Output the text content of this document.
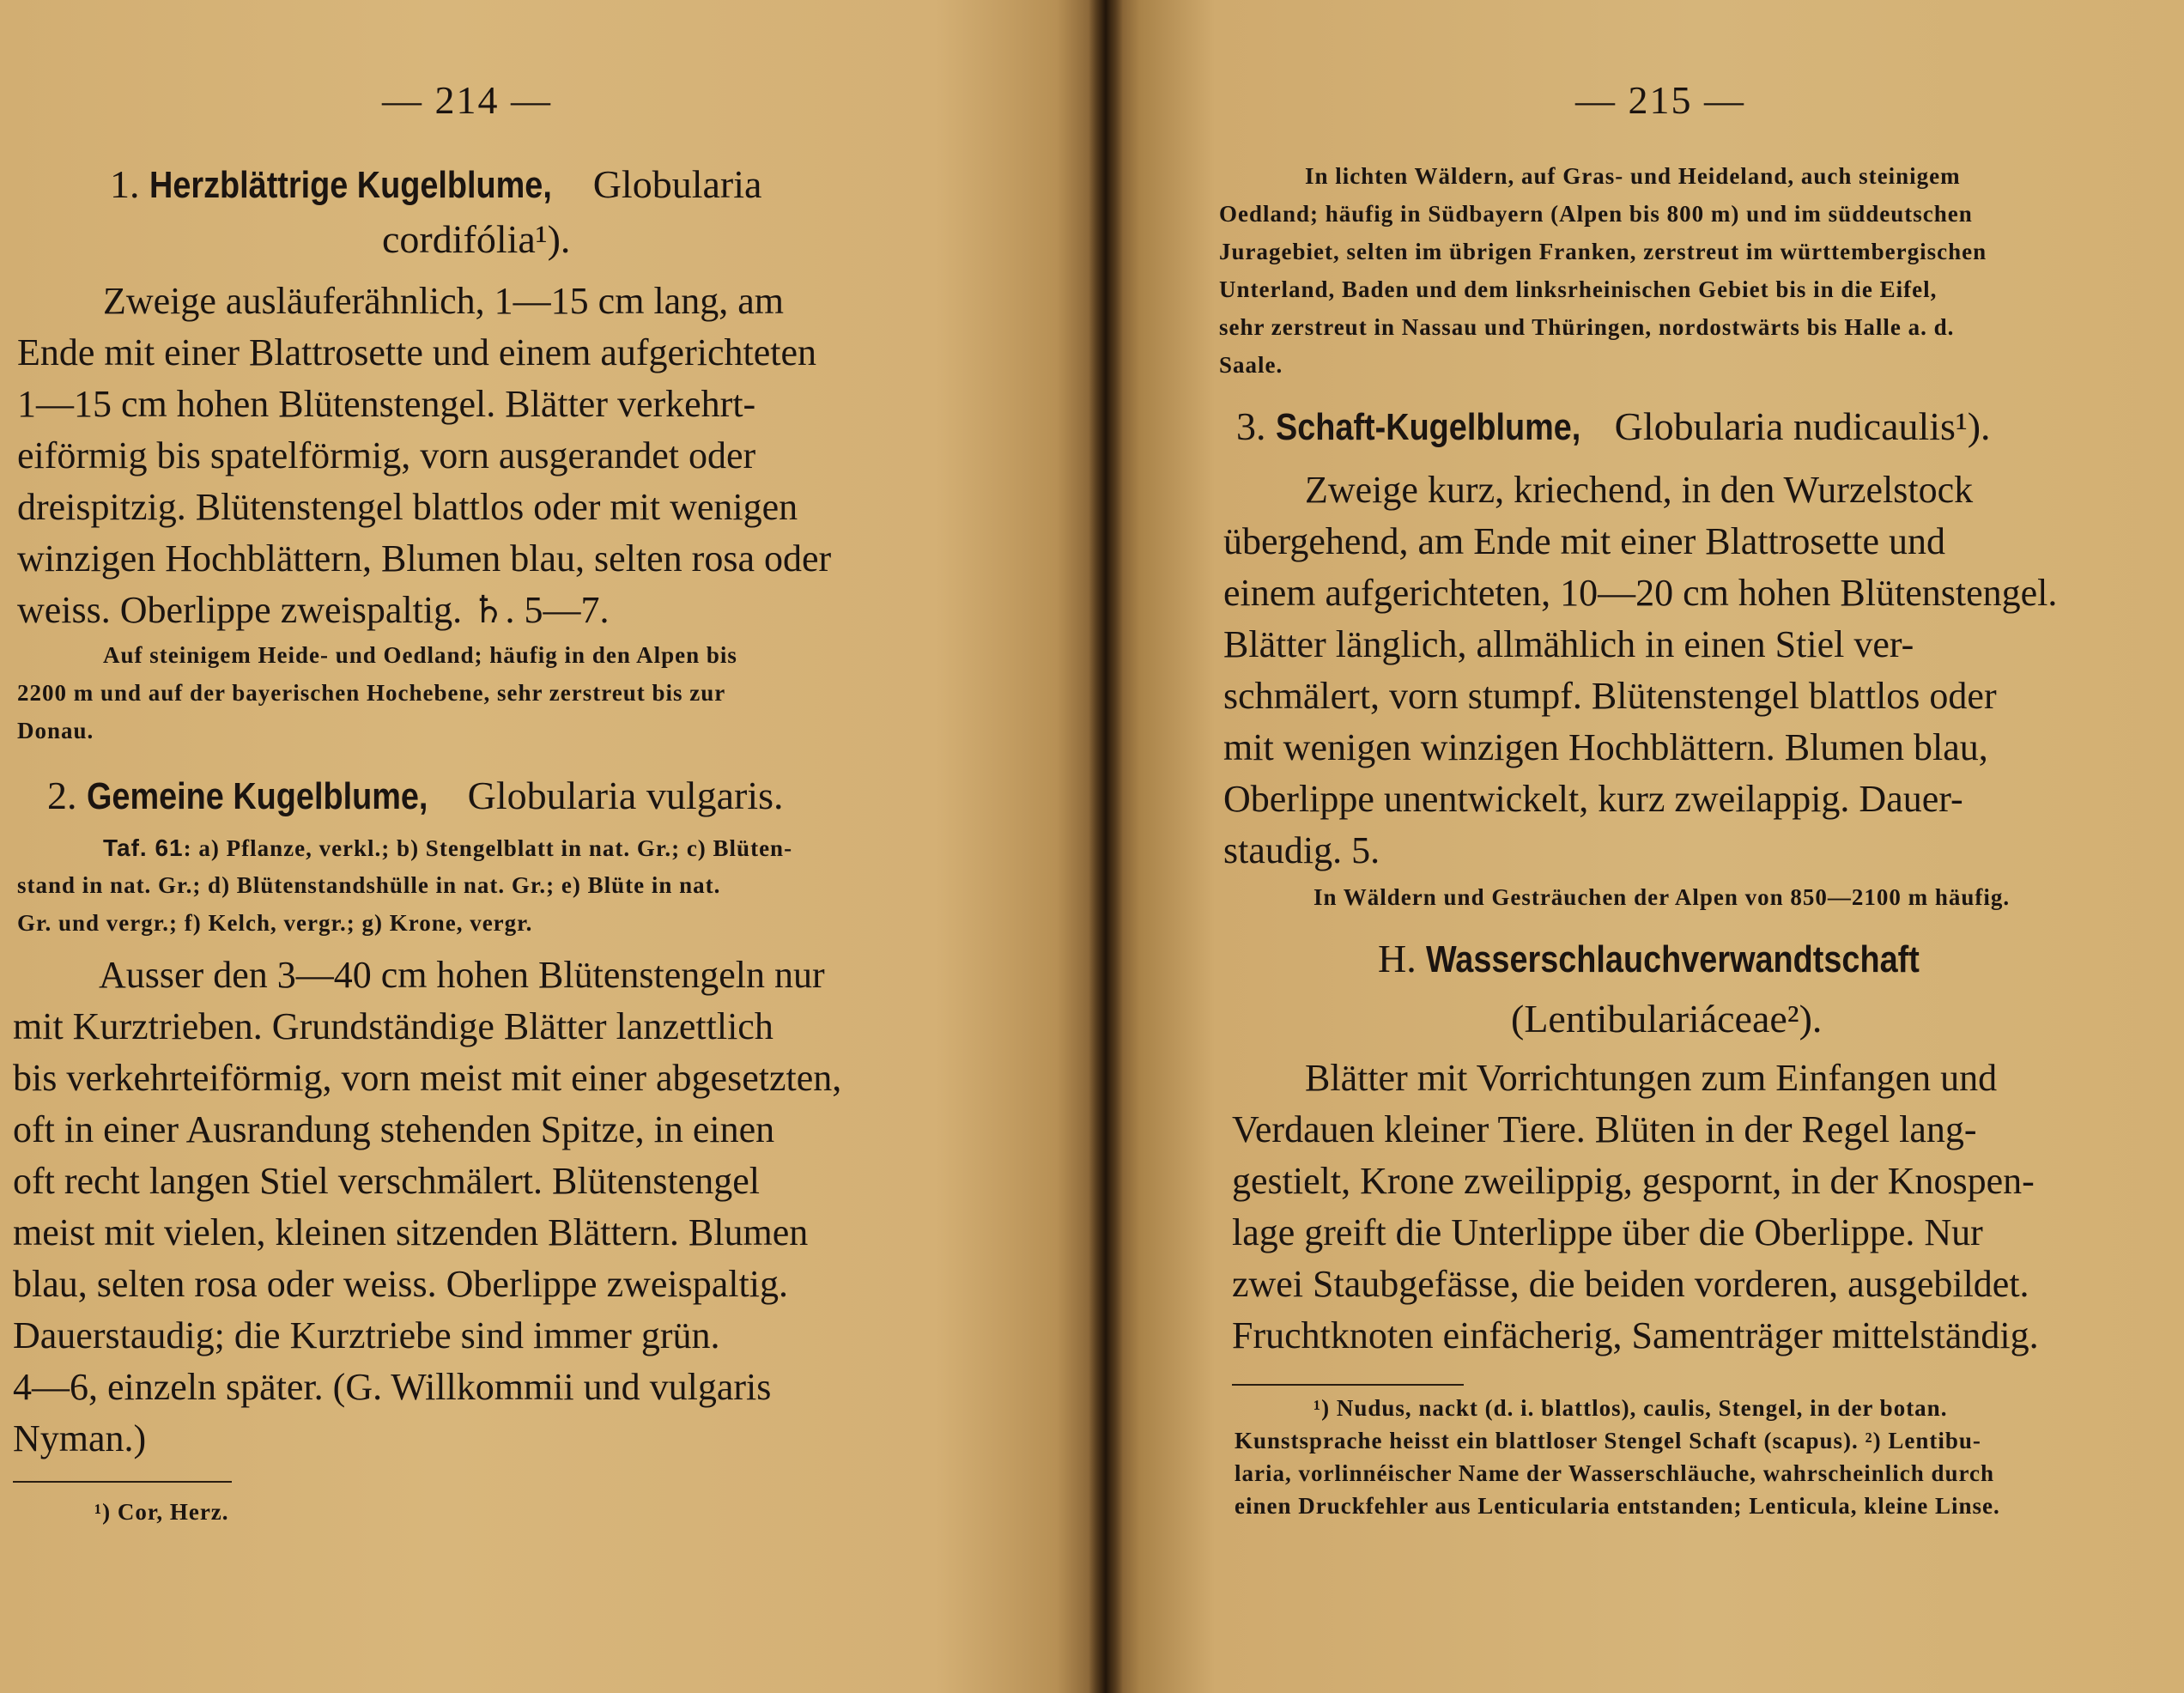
— 214 —
1. Herzblättrige Kugelblume, Globularia
cordifólia¹).
Zweige ausläuferähnlich, 1—15 cm lang, am
Ende mit einer Blattrosette und einem aufgerichteten
1—15 cm hohen Blütenstengel. Blätter verkehrt-
eiförmig bis spatelförmig, vorn ausgerandet oder
dreispitzig. Blütenstengel blattlos oder mit wenigen
winzigen Hochblättern, Blumen blau, selten rosa oder
weiss. Oberlippe zweispaltig. ♄. 5—7.
Auf steinigem Heide- und Oedland; häufig in den Alpen bis
2200 m und auf der bayerischen Hochebene, sehr zerstreut bis zur
Donau.
2. Gemeine Kugelblume, Globularia vulgaris.
Taf. 61: a) Pflanze, verkl.; b) Stengelblatt in nat. Gr.; c) Blüten-
stand in nat. Gr.; d) Blütenstandshülle in nat. Gr.; e) Blüte in nat.
Gr. und vergr.; f) Kelch, vergr.; g) Krone, vergr.
Ausser den 3—40 cm hohen Blütenstengeln nur
mit Kurztrieben. Grundständige Blätter lanzettlich
bis verkehrteiförmig, vorn meist mit einer abgesetzten,
oft in einer Ausrandung stehenden Spitze, in einen
oft recht langen Stiel verschmälert. Blütenstengel
meist mit vielen, kleinen sitzenden Blättern. Blumen
blau, selten rosa oder weiss. Oberlippe zweispaltig.
Dauerstaudig; die Kurztriebe sind immer grün.
4—6, einzeln später. (G. Willkommii und vulgaris
Nyman.)
¹) Cor, Herz.
— 215 —
In lichten Wäldern, auf Gras- und Heideland, auch steinigem
Oedland; häufig in Südbayern (Alpen bis 800 m) und im süddeutschen
Juragebiet, selten im übrigen Franken, zerstreut im württembergischen
Unterland, Baden und dem linksrheinischen Gebiet bis in die Eifel,
sehr zerstreut in Nassau und Thüringen, nordostwärts bis Halle a. d.
Saale.
3. Schaft-Kugelblume, Globularia nudicaulis¹).
Zweige kurz, kriechend, in den Wurzelstock
übergehend, am Ende mit einer Blattrosette und
einem aufgerichteten, 10—20 cm hohen Blütenstengel.
Blätter länglich, allmählich in einen Stiel ver-
schmälert, vorn stumpf. Blütenstengel blattlos oder
mit wenigen winzigen Hochblättern. Blumen blau,
Oberlippe unentwickelt, kurz zweilappig. Dauer-
staudig. 5.
In Wäldern und Gesträuchen der Alpen von 850—2100 m häufig.
H. Wasserschlauchverwandtschaft
(Lentibulariáceae²).
Blätter mit Vorrichtungen zum Einfangen und
Verdauen kleiner Tiere. Blüten in der Regel lang-
gestielt, Krone zweilippig, gespornt, in der Knospen-
lage greift die Unterlippe über die Oberlippe. Nur
zwei Staubgefässe, die beiden vorderen, ausgebildet.
Fruchtknoten einfächerig, Samenträger mittelständig.
¹) Nudus, nackt (d. i. blattlos), caulis, Stengel, in der botan.
Kunstsprache heisst ein blattloser Stengel Schaft (scapus). ²) Lentibu-
laria, vorlinnéischer Name der Wasserschläuche, wahrscheinlich durch
einen Druckfehler aus Lenticularia entstanden; Lenticula, kleine Linse.
